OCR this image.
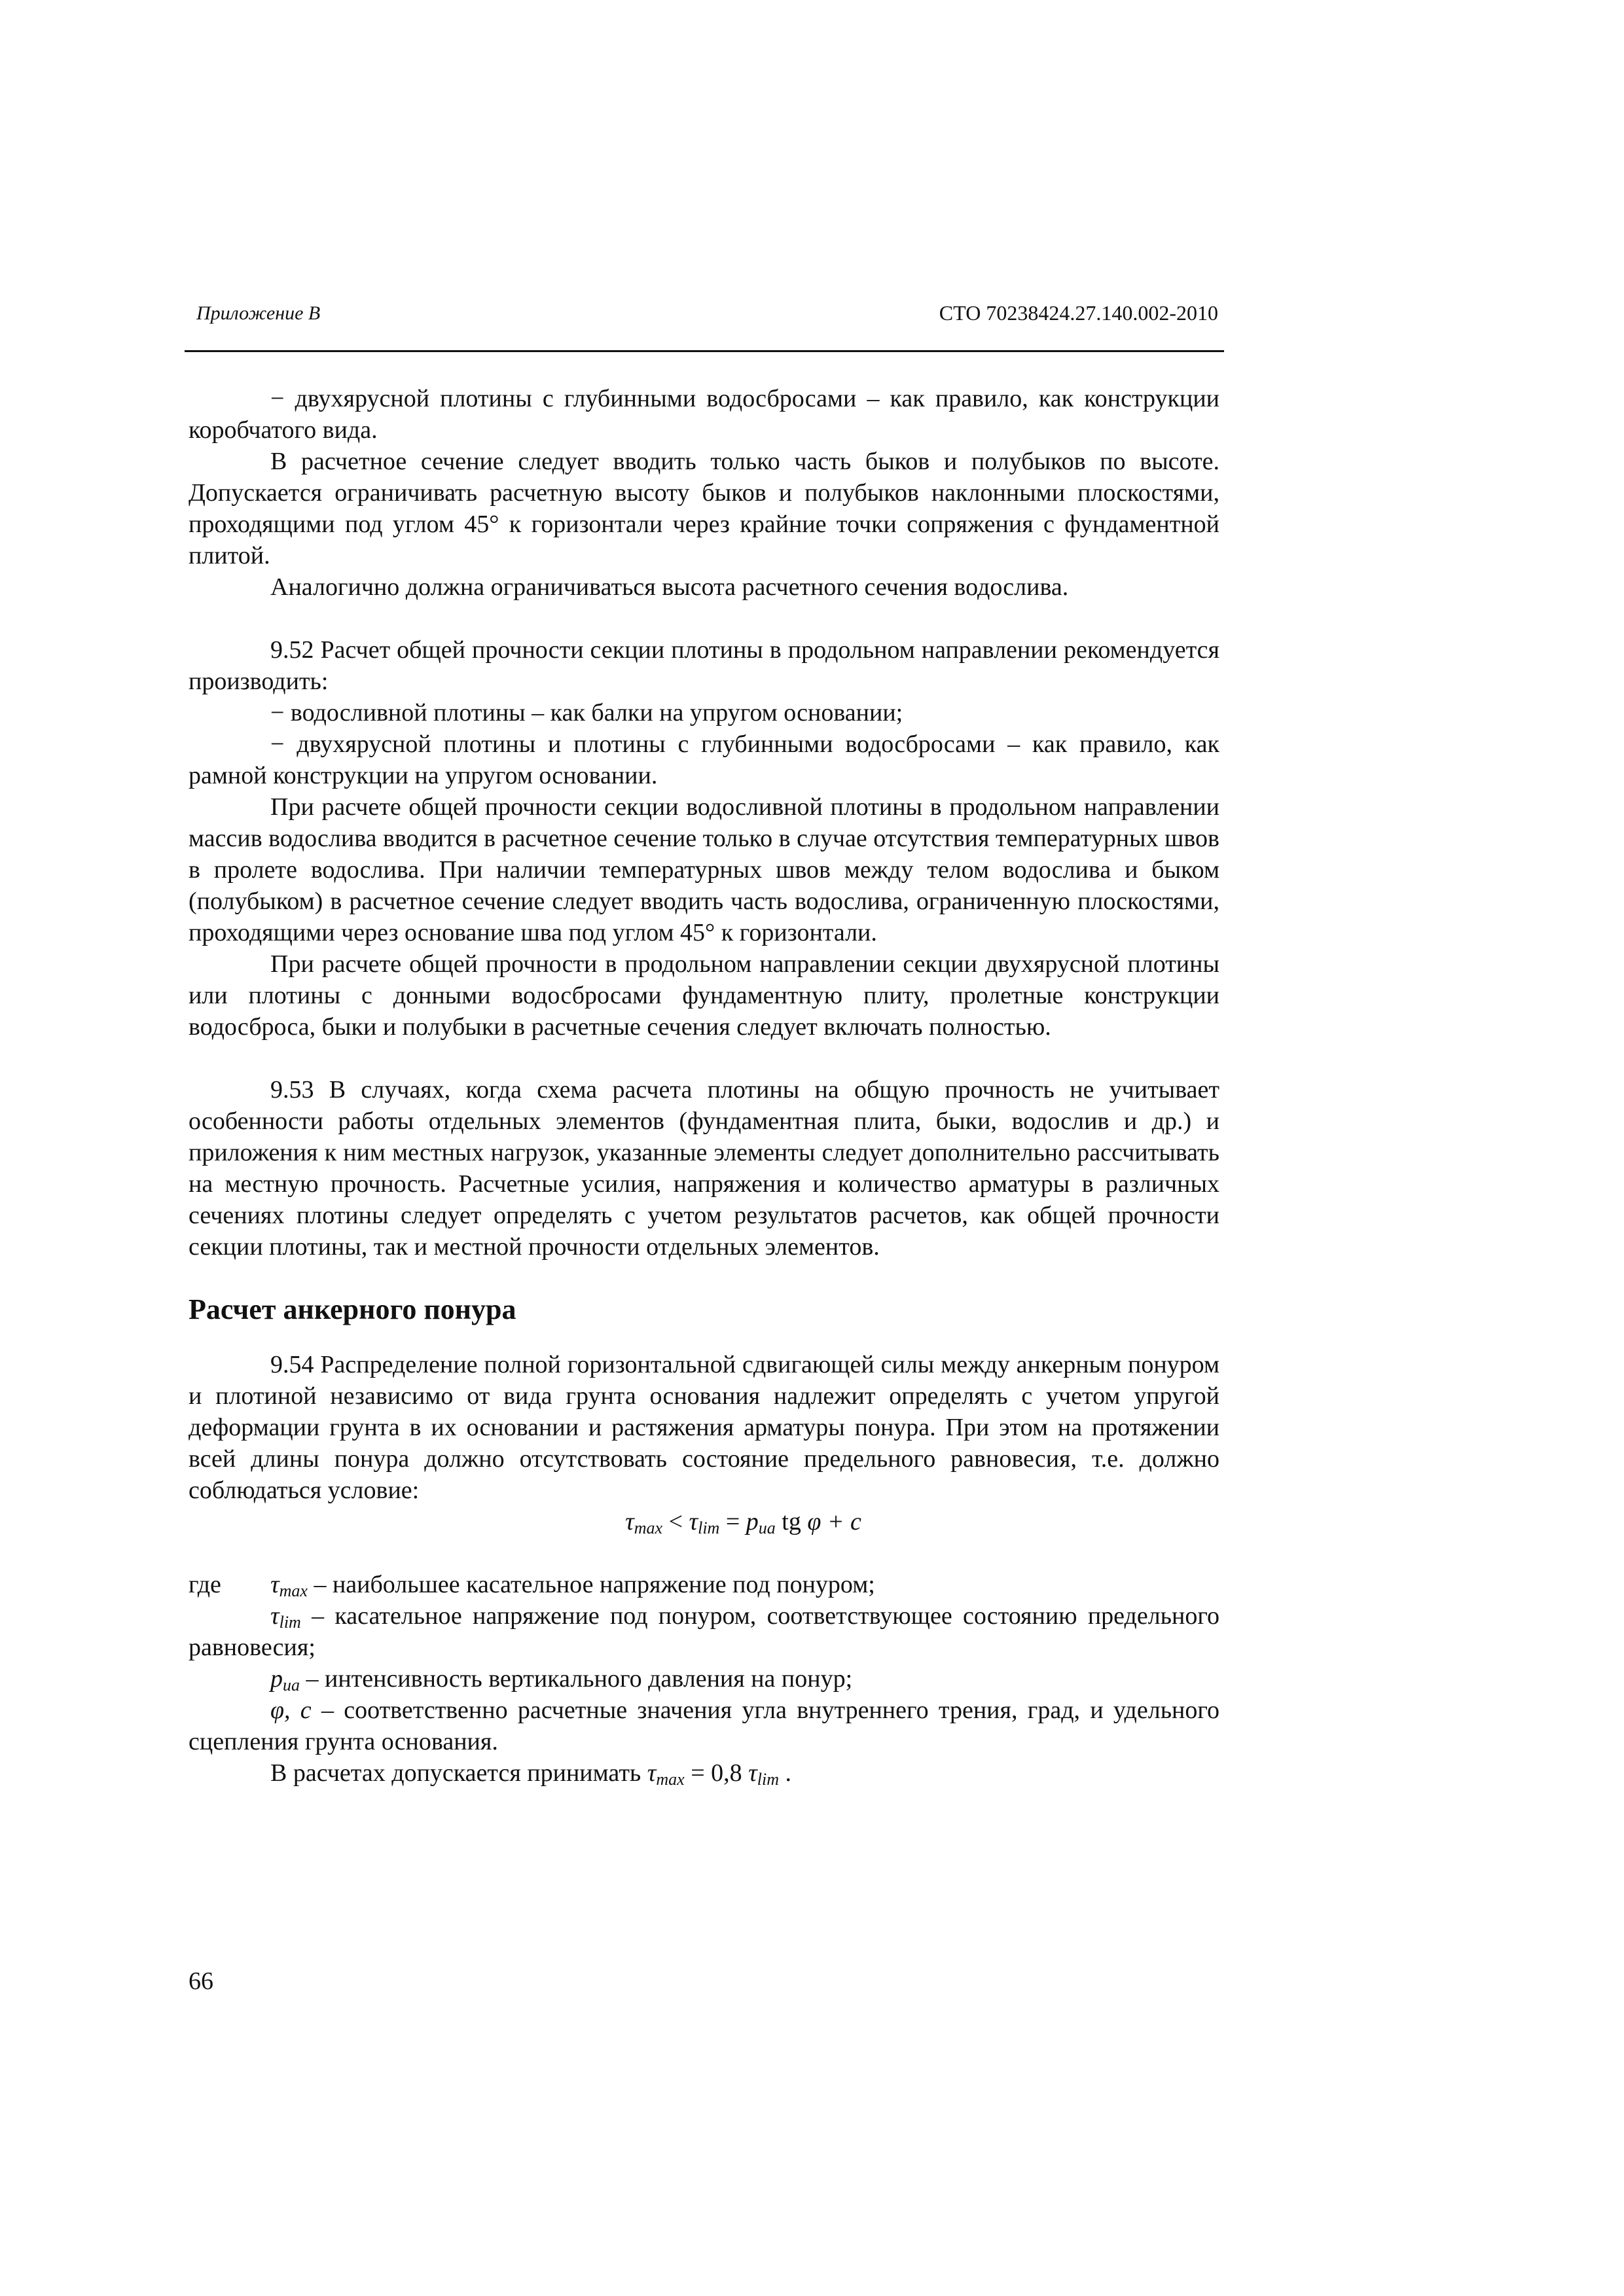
Приложение В	СТО 70238424.27.140.002-2010

− двухярусной плотины с глубинными водосбросами – как правило, как конструкции коробчатого вида.

В расчетное сечение следует вводить только часть быков и полубыков по высоте. Допускается ограничивать расчетную высоту быков и полубыков наклонными плоскостями, проходящими под углом 45° к горизонтали через крайние точки сопряжения с фундаментной плитой.

Аналогично должна ограничиваться высота расчетного сечения водослива.

9.52 Расчет общей прочности секции плотины в продольном направлении рекомендуется производить:

− водосливной плотины – как балки на упругом основании;

− двухярусной плотины и плотины с глубинными водосбросами – как правило, как рамной конструкции на упругом основании.

При расчете общей прочности секции водосливной плотины в продольном направлении массив водослива вводится в расчетное сечение только в случае отсутствия температурных швов в пролете водослива. При наличии температурных швов между телом водослива и быком (полубыком) в расчетное сечение следует вводить часть водослива, ограниченную плоскостями, проходящими через основание шва под углом 45° к горизонтали.

При расчете общей прочности в продольном направлении секции двухярусной плотины или плотины с донными водосбросами фундаментную плиту, пролетные конструкции водосброса, быки и полубыки в расчетные сечения следует включать полностью.

9.53 В случаях, когда схема расчета плотины на общую прочность не учитывает особенности работы отдельных элементов (фундаментная плита, быки, водослив и др.) и приложения к ним местных нагрузок, указанные элементы следует дополнительно рассчитывать на местную прочность. Расчетные усилия, напряжения и количество арматуры в различных сечениях плотины следует определять с учетом результатов расчетов, как общей прочности секции плотины, так и местной прочности отдельных элементов.

Расчет анкерного понура

9.54 Распределение полной горизонтальной сдвигающей силы между анкерным понуром и плотиной независимо от вида грунта основания надлежит определять с учетом упругой деформации грунта в их основании и растяжения арматуры понура. При этом на протяжении всей длины понура должно отсутствовать состояние предельного равновесия, т.е. должно соблюдаться условие:

$\tau_{max} < \tau_{lim} = p_{ua}$ tg φ + c

где	$\tau_{max}$ – наибольшее касательное напряжение под понуром;

$\tau_{lim}$ – касательное напряжение под понуром, соответствующее состоянию предельного равновесия;

$p_{ua}$ – интенсивность вертикального давления на понур;

φ, c – соответственно расчетные значения угла внутреннего трения, град, и удельного сцепления грунта основания.

В расчетах допускается принимать $\tau_{max} = 0,8$ $\tau_{lim}$ .

66
